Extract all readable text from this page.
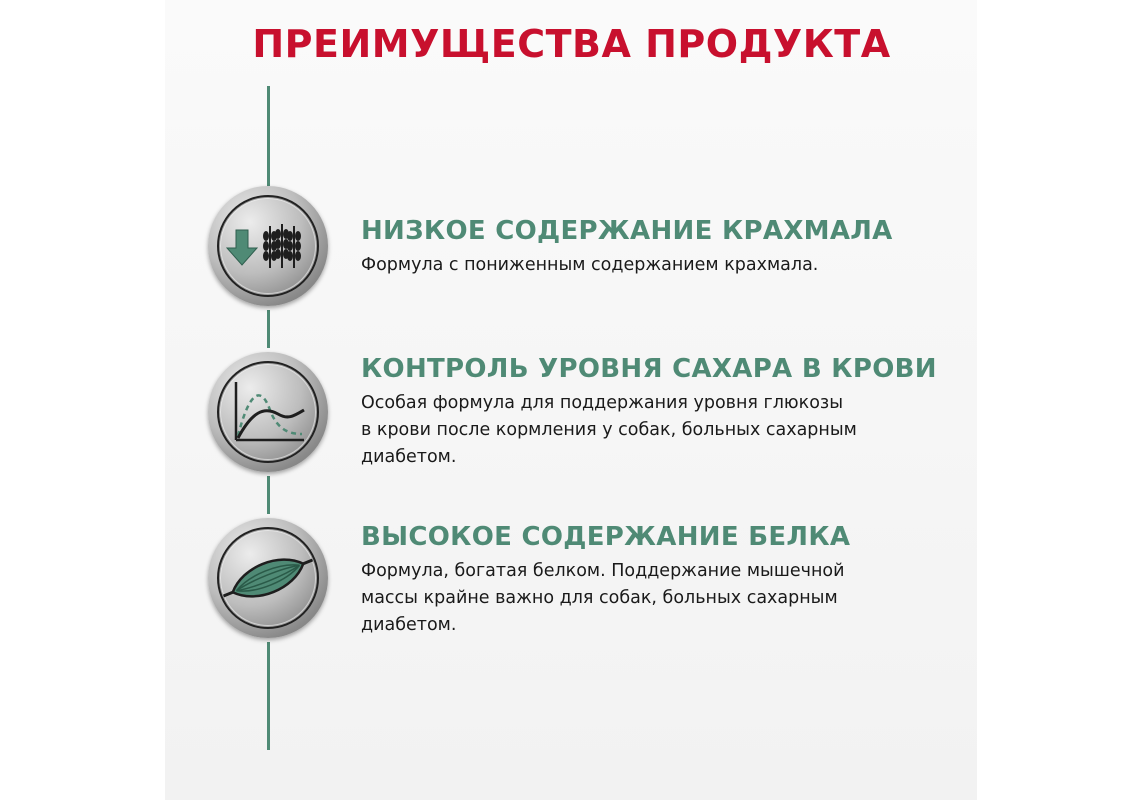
ПРЕИМУЩЕСТВА ПРОДУКТА
НИЗКОЕ СОДЕРЖАНИЕ КРАХМАЛА

Формула с пониженным содержанием крахмала.

КОНТРОЛЬ УРОВНЯ САХАРА В КРОВИ

Особая формула для поддержания уровня глюкозы
в крови после кормления у собак, больных сахарным
диабетом.

ВЫСОКОЕ СОДЕРЖАНИЕ БЕЛКА

Формула, богатая белком. Поддержание мышечной
массы крайне важно для собак, больных сахарным
диабетом.
